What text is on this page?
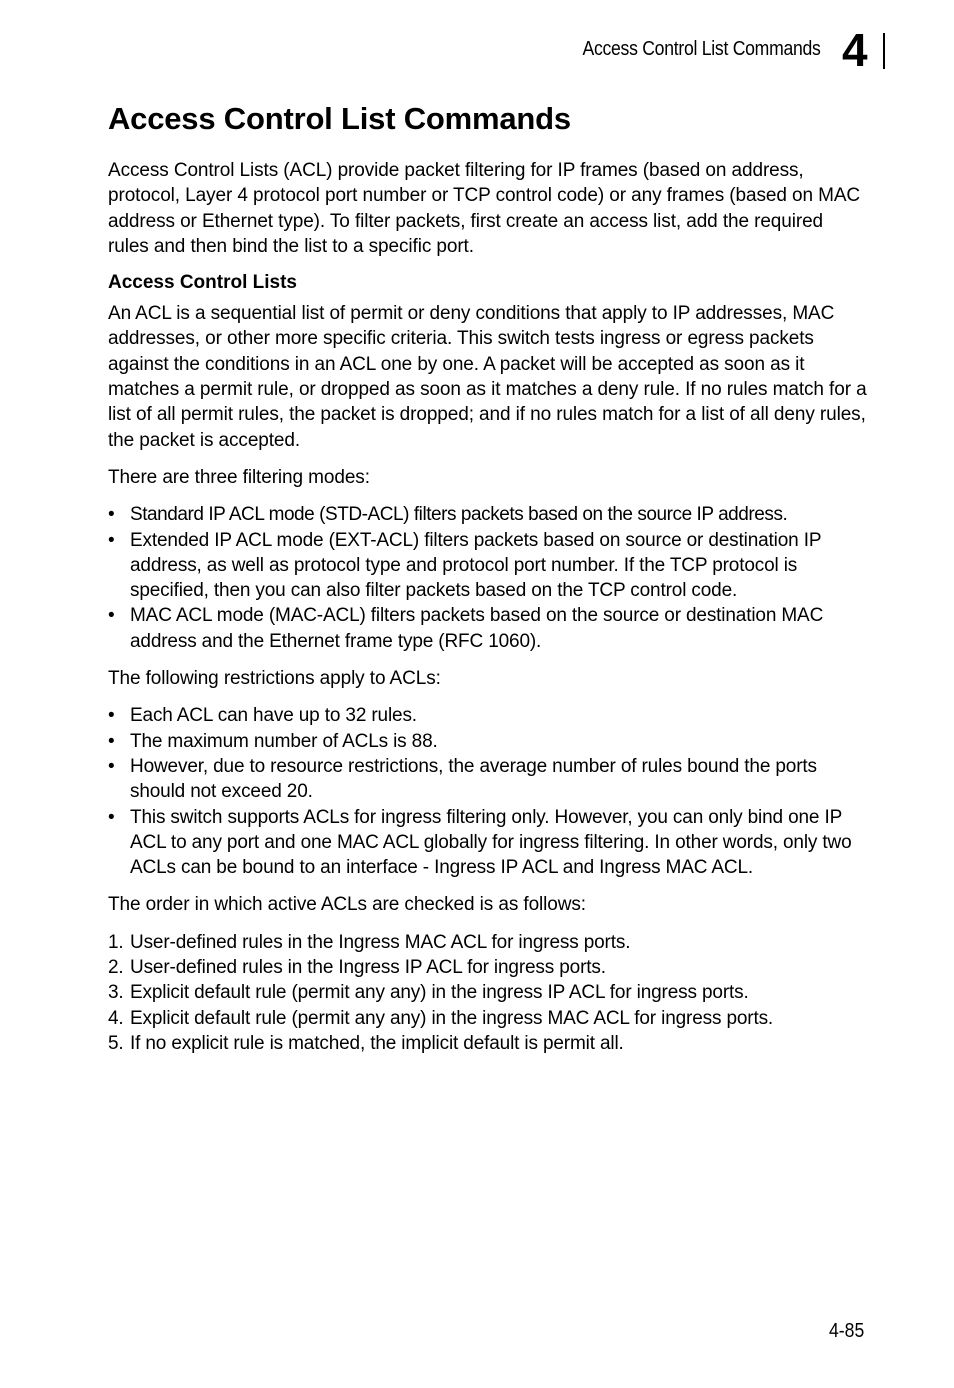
Access Control List Commands 4
Access Control List Commands

Access Control Lists (ACL) provide packet filtering for IP frames (based on address, protocol, Layer 4 protocol port number or TCP control code) or any frames (based on MAC address or Ethernet type). To filter packets, first create an access list, add the required rules and then bind the list to a specific port.

Access Control Lists

An ACL is a sequential list of permit or deny conditions that apply to IP addresses, MAC addresses, or other more specific criteria. This switch tests ingress or egress packets against the conditions in an ACL one by one. A packet will be accepted as soon as it matches a permit rule, or dropped as soon as it matches a deny rule. If no rules match for a list of all permit rules, the packet is dropped; and if no rules match for a list of all deny rules, the packet is accepted.

There are three filtering modes:

• Standard IP ACL mode (STD-ACL) filters packets based on the source IP address.
• Extended IP ACL mode (EXT-ACL) filters packets based on source or destination IP address, as well as protocol type and protocol port number. If the TCP protocol is specified, then you can also filter packets based on the TCP control code.
• MAC ACL mode (MAC-ACL) filters packets based on the source or destination MAC address and the Ethernet frame type (RFC 1060).

The following restrictions apply to ACLs:

• Each ACL can have up to 32 rules.
• The maximum number of ACLs is 88.
• However, due to resource restrictions, the average number of rules bound the ports should not exceed 20.
• This switch supports ACLs for ingress filtering only. However, you can only bind one IP ACL to any port and one MAC ACL globally for ingress filtering. In other words, only two ACLs can be bound to an interface - Ingress IP ACL and Ingress MAC ACL.

The order in which active ACLs are checked is as follows:

1. User-defined rules in the Ingress MAC ACL for ingress ports.
2. User-defined rules in the Ingress IP ACL for ingress ports.
3. Explicit default rule (permit any any) in the ingress IP ACL for ingress ports.
4. Explicit default rule (permit any any) in the ingress MAC ACL for ingress ports.
5. If no explicit rule is matched, the implicit default is permit all.
4-85
